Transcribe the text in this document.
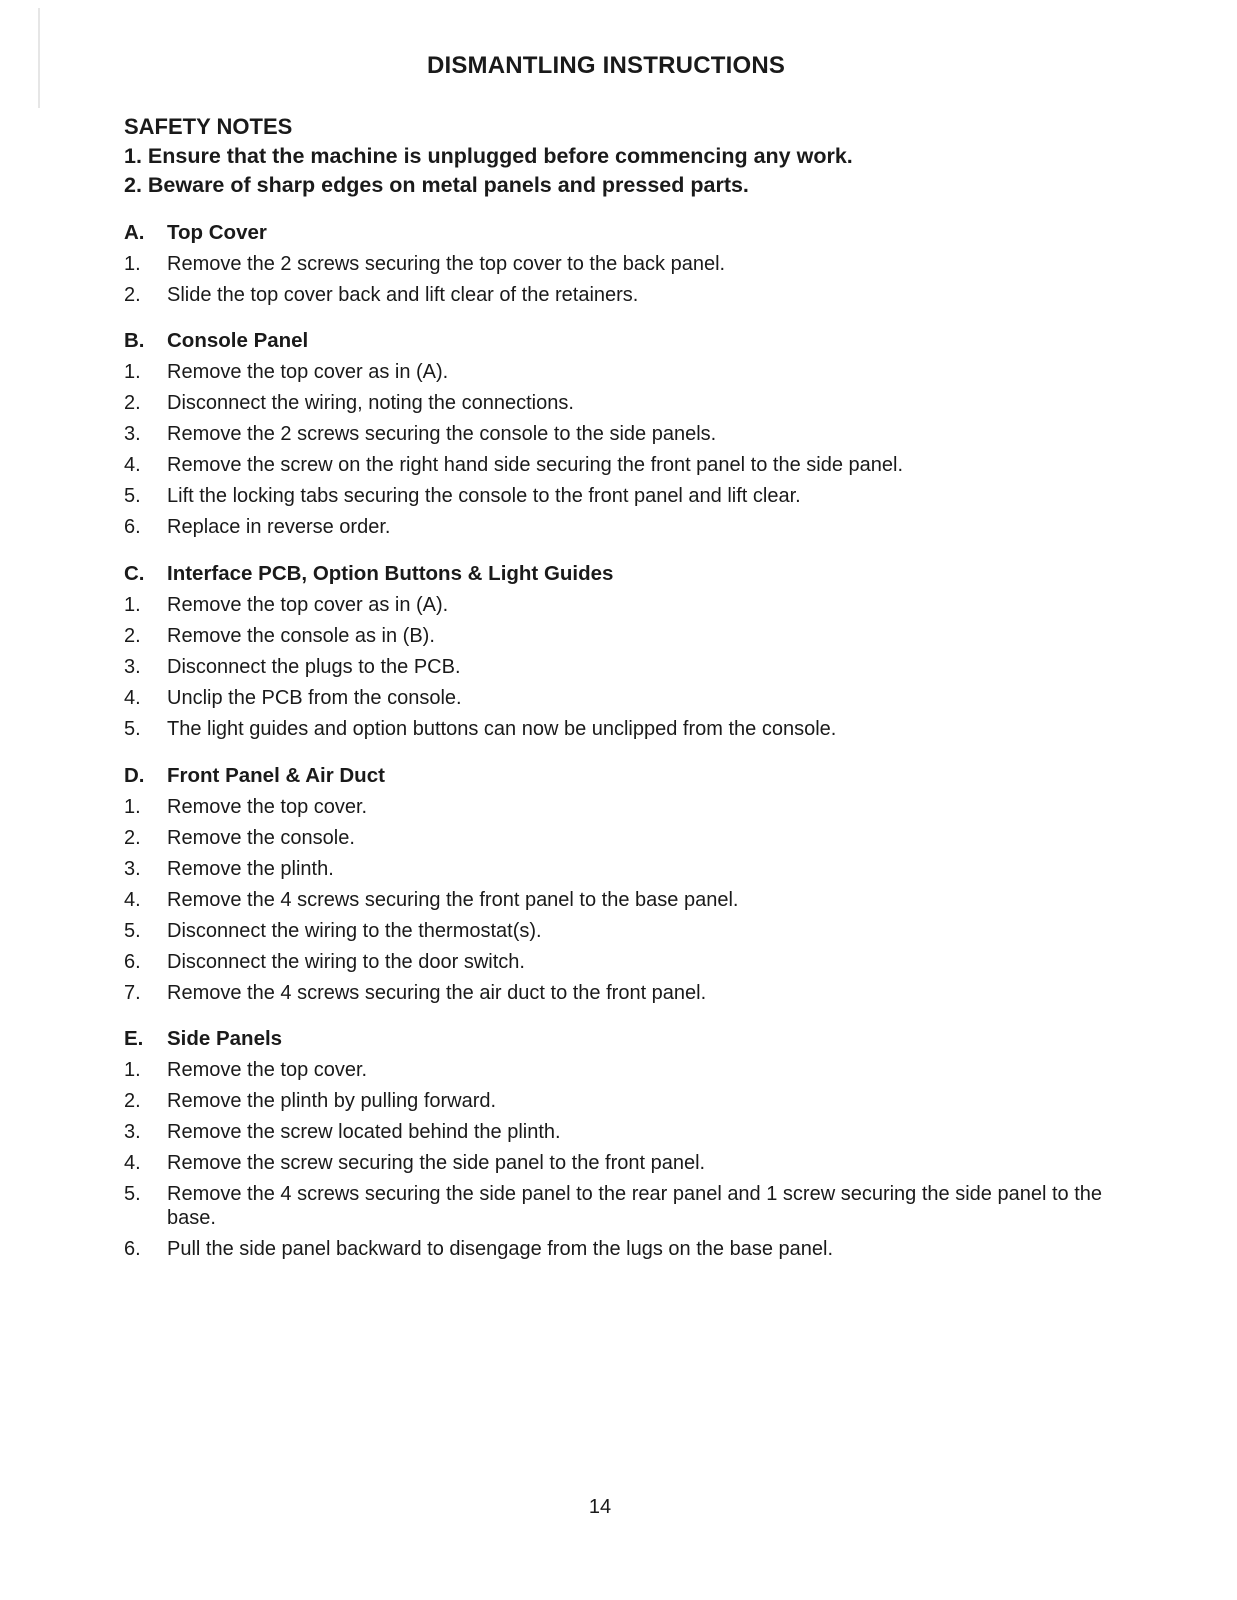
DISMANTLING INSTRUCTIONS
SAFETY NOTES
1. Ensure that the machine is unplugged before commencing any work.
2. Beware of sharp edges on metal panels and pressed parts.
A.	Top Cover
1.	Remove the 2 screws securing the top cover to the back panel.
2.	Slide the top cover back and lift clear of the retainers.
B.	Console Panel
1.	Remove the top cover as in (A).
2.	Disconnect the wiring, noting the connections.
3.	Remove the 2 screws securing the console to the side panels.
4.	Remove the screw on the right hand side securing the front panel to the side panel.
5.	Lift the locking tabs securing the console to the front panel and lift clear.
6.	Replace in reverse order.
C.	Interface PCB, Option Buttons & Light Guides
1.	Remove the top cover as in (A).
2.	Remove the console as in (B).
3.	Disconnect the plugs to the PCB.
4.	Unclip the PCB from the console.
5.	The light guides and option buttons can now be unclipped from the console.
D.	Front Panel & Air Duct
1.	Remove the top cover.
2.	Remove the console.
3.	Remove the plinth.
4.	Remove the 4 screws securing the front panel to the base panel.
5.	Disconnect the wiring to the thermostat(s).
6.	Disconnect the wiring to the door switch.
7.	Remove the 4 screws securing the air duct to the front panel.
E.	Side Panels
1.	Remove the top cover.
2.	Remove the plinth by pulling forward.
3.	Remove the screw located behind the plinth.
4.	Remove the screw securing the side panel to the front panel.
5.	Remove the 4 screws securing the side panel to the rear panel and 1 screw securing the side panel to the base.
6.	Pull the side panel backward to disengage from the lugs on the base panel.
14
